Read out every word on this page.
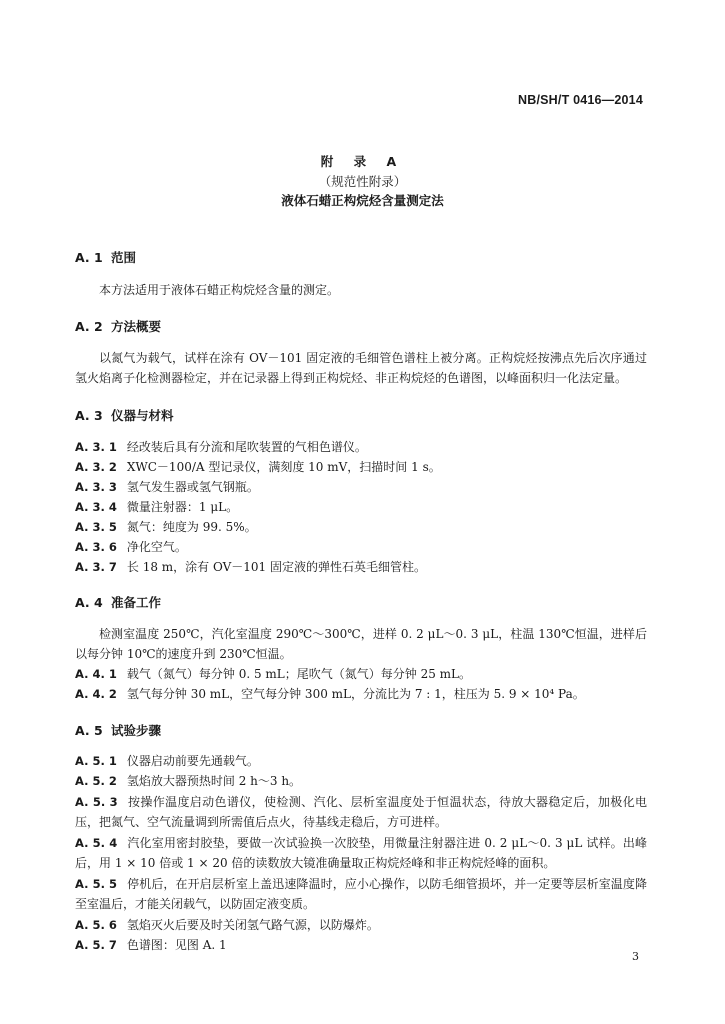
NB/SH/T 0416—2014
附 录 A
（规范性附录）
液体石蜡正构烷烃含量测定法
A. 1 范围
本方法适用于液体石蜡正构烷烃含量的测定。
A. 2 方法概要
以氮气为载气，试样在涂有 OV－101 固定液的毛细管色谱柱上被分离。正构烷烃按沸点先后次序通过氢火焰离子化检测器检定，并在记录器上得到正构烷烃、非正构烷烃的色谱图，以峰面积归一化法定量。
A. 3 仪器与材料
A. 3. 1 经改装后具有分流和尾吹装置的气相色谱仪。
A. 3. 2 XWC－100/A 型记录仪，满刻度 10 mV，扫描时间 1 s。
A. 3. 3 氢气发生器或氢气钢瓶。
A. 3. 4 微量注射器：1 μL。
A. 3. 5 氮气：纯度为 99. 5%。
A. 3. 6 净化空气。
A. 3. 7 长 18 m，涂有 OV－101 固定液的弹性石英毛细管柱。
A. 4 准备工作
检测室温度 250℃，汽化室温度 290℃～300℃，进样 0. 2 μL～0. 3 μL，柱温 130℃恒温，进样后以每分钟 10℃的速度升到 230℃恒温。
A. 4. 1 载气（氮气）每分钟 0. 5 mL；尾吹气（氮气）每分钟 25 mL。
A. 4. 2 氢气每分钟 30 mL，空气每分钟 300 mL，分流比为 7 : 1，柱压为 5. 9 × 10⁴ Pa。
A. 5 试验步骤
A. 5. 1 仪器启动前要先通载气。
A. 5. 2 氢焰放大器预热时间 2 h～3 h。
A. 5. 3 按操作温度启动色谱仪，使检测、汽化、层析室温度处于恒温状态，待放大器稳定后，加极化电压，把氮气、空气流量调到所需值后点火，待基线走稳后，方可进样。
A. 5. 4 汽化室用密封胶垫，要做一次试验换一次胶垫，用微量注射器注进 0. 2 μL～0. 3 μL 试样。出峰后，用 1 × 10 倍或 1 × 20 倍的读数放大镜准确量取正构烷烃峰和非正构烷烃峰的面积。
A. 5. 5 停机后，在开启层析室上盖迅速降温时，应小心操作，以防毛细管损坏，并一定要等层析室温度降至室温后，才能关闭载气，以防固定液变质。
A. 5. 6 氢焰灭火后要及时关闭氢气路气源，以防爆炸。
A. 5. 7 色谱图：见图 A. 1
3
